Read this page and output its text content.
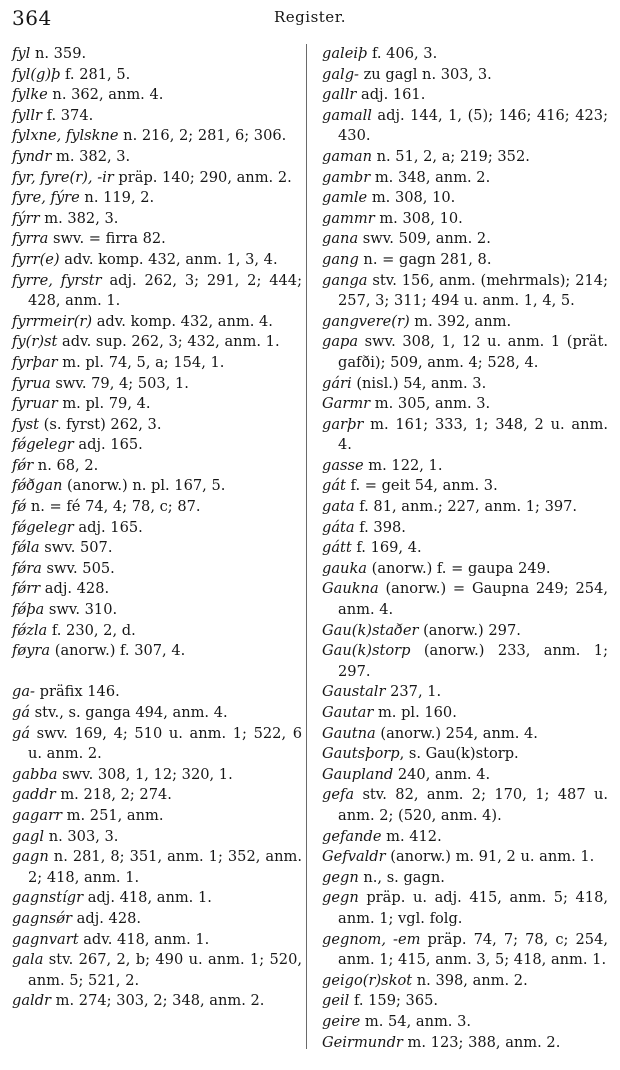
364	Register.
fyl n. 359.
fyl(g)þ f. 281, 5.
fylke n. 362, anm. 4.
fyllr f. 374.
fylxne, fylskne n. 216, 2; 281, 6; 306.
fyndr m. 382, 3.
fyr, fyre(r), -ir präp. 140; 290, anm. 2.
fyre, fýre n. 119, 2.
fýrr m. 382, 3.
fyrra swv. = firra 82.
fyrr(e) adv. komp. 432, anm. 1, 3, 4.
fyrre, fyrstr adj. 262, 3; 291, 2; 444; 428, anm. 1.
fyrrmeir(r) adv. komp. 432, anm. 4.
fy(r)st adv. sup. 262, 3; 432, anm. 1.
fyrþar m. pl. 74, 5, a; 154, 1.
fyrua swv. 79, 4; 503, 1.
fyruar m. pl. 79, 4.
fyst (s. fyrst) 262, 3.
fǿgelegr adj. 165.
fǿr n. 68, 2.
fǿðgan (anorw.) n. pl. 167, 5.
fǿ n. = fé 74, 4; 78, c; 87.
fǿgelegr adj. 165.
fǿla swv. 507.
fǿra swv. 505.
fǿrr adj. 428.
fǿþa swv. 310.
fǿzla f. 230, 2, d.
føyra (anorw.) f. 307, 4.
ga- präfix 146.
gá stv., s. ganga 494, anm. 4.
gá swv. 169, 4; 510 u. anm. 1; 522, 6 u. anm. 2.
gabba swv. 308, 1, 12; 320, 1.
gaddr m. 218, 2; 274.
gagarr m. 251, anm.
gagl n. 303, 3.
gagn n. 281, 8; 351, anm. 1; 352, anm. 2; 418, anm. 1.
gagnstígr adj. 418, anm. 1.
gagnsǿr adj. 428.
gagnvart adv. 418, anm. 1.
gala stv. 267, 2, b; 490 u. anm. 1; 520, anm. 5; 521, 2.
galdr m. 274; 303, 2; 348, anm. 2.
galeiþ f. 406, 3.
galg- zu gagl n. 303, 3.
gallr adj. 161.
gamall adj. 144, 1, (5); 146; 416; 423; 430.
gaman n. 51, 2, a; 219; 352.
gambr m. 348, anm. 2.
gamle m. 308, 10.
gammr m. 308, 10.
gana swv. 509, anm. 2.
gang n. = gagn 281, 8.
ganga stv. 156, anm. (mehrmals); 214; 257, 3; 311; 494 u. anm. 1, 4, 5.
gangvere(r) m. 392, anm.
gapa swv. 308, 1, 12 u. anm. 1 (prät. gafði); 509, anm. 4; 528, 4.
gári (nisl.) 54, anm. 3.
Garmr m. 305, anm. 3.
garþr m. 161; 333, 1; 348, 2 u. anm. 4.
gasse m. 122, 1.
gát f. = geit 54, anm. 3.
gata f. 81, anm.; 227, anm. 1; 397.
gáta f. 398.
gátt f. 169, 4.
gauka (anorw.) f. = gaupa 249.
Gaukna (anorw.) = Gaupna 249; 254, anm. 4.
Gau(k)staðer (anorw.) 297.
Gau(k)storp (anorw.) 233, anm. 1; 297.
Gaustalr 237, 1.
Gautar m. pl. 160.
Gautna (anorw.) 254, anm. 4.
Gautsþorp, s. Gau(k)storp.
Gaupland 240, anm. 4.
gefa stv. 82, anm. 2; 170, 1; 487 u. anm. 2; (520, anm. 4).
gefande m. 412.
Gefvaldr (anorw.) m. 91, 2 u. anm. 1.
gegn n., s. gagn.
gegn präp. u. adj. 415, anm. 5; 418, anm. 1; vgl. folg.
gegnom, -em präp. 74, 7; 78, c; 254, anm. 1; 415, anm. 3, 5; 418, anm. 1.
geigo(r)skot n. 398, anm. 2.
geil f. 159; 365.
geire m. 54, anm. 3.
Geirmundr m. 123; 388, anm. 2.
